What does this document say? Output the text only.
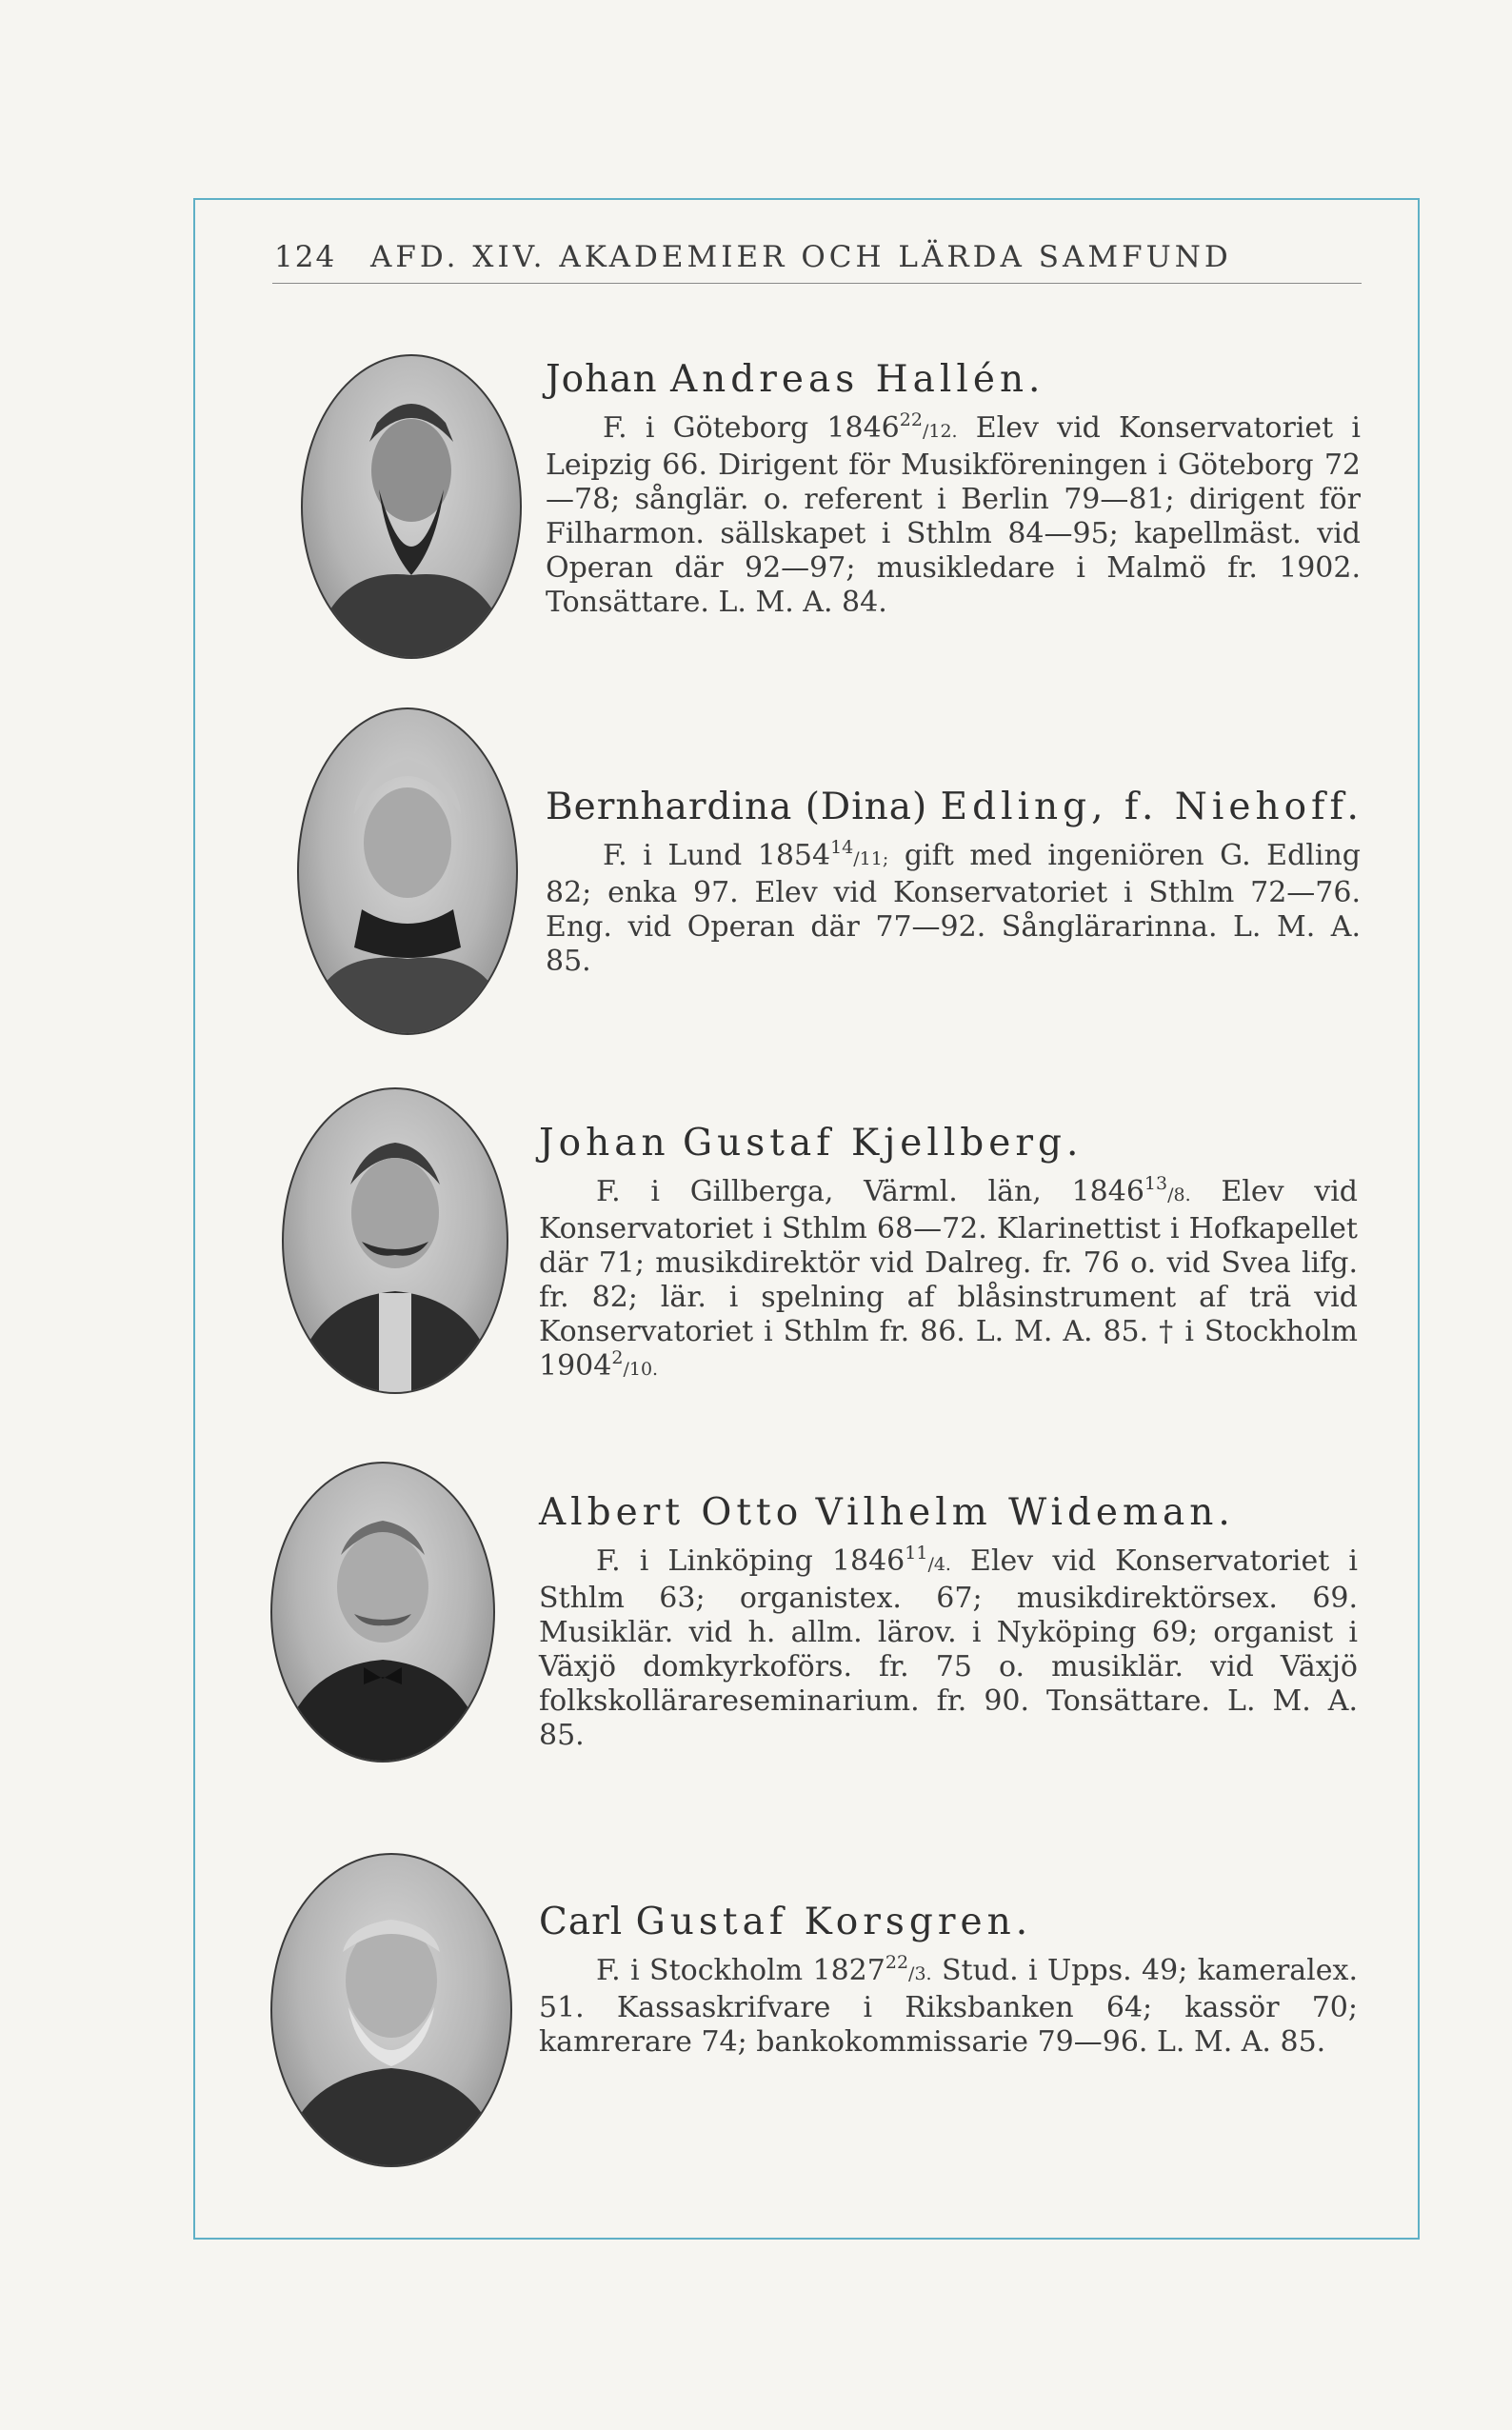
124 AFD. XIV. AKADEMIER OCH LÄRDA SAMFUND
Johan Andreas Hallén.
F. i Göteborg 1846$^{22}$/12. Elev vid Konservatoriet i Leipzig 66. Dirigent för Musikföreningen i Göteborg 72—78; sånglär. o. referent i Berlin 79—81; dirigent för Filharmon. sällskapet i Sthlm 84—95; kapellmäst. vid Operan där 92—97; musikledare i Malmö fr. 1902. Tonsättare. L. M. A. 84.
Bernhardina (Dina) Edling, f. Niehoff.
F. i Lund 1854$^{14}$/11; gift med ingeniören G. Edling 82; enka 97. Elev vid Konservatoriet i Sthlm 72—76. Eng. vid Operan där 77—92. Sånglärarinna. L. M. A. 85.
Johan Gustaf Kjellberg.
F. i Gillberga, Värml. län, 1846$^{13}$/8. Elev vid Konservatoriet i Sthlm 68—72. Klarinettist i Hofkapellet där 71; musikdirektör vid Dalreg. fr. 76 o. vid Svea lifg. fr. 82; lär. i spelning af blåsinstrument af trä vid Konservatoriet i Sthlm fr. 86. L. M. A. 85. † i Stockholm 1904$^2$/10.
Albert Otto Vilhelm Wideman.
F. i Linköping 1846$^{11}$/4. Elev vid Konservatoriet i Sthlm 63; organistex. 67; musikdirektörsex. 69. Musiklär. vid h. allm. lärov. i Nyköping 69; organist i Växjö domkyrkoförs. fr. 75 o. musiklär. vid Växjö folkskollärareseminarium. fr. 90. Tonsättare. L. M. A. 85.
Carl Gustaf Korsgren.
F. i Stockholm 1827$^{22}$/3. Stud. i Upps. 49; kameralex. 51. Kassaskrifvare i Riksbanken 64; kassör 70; kamrerare 74; bankokommissarie 79—96. L. M. A. 85.
